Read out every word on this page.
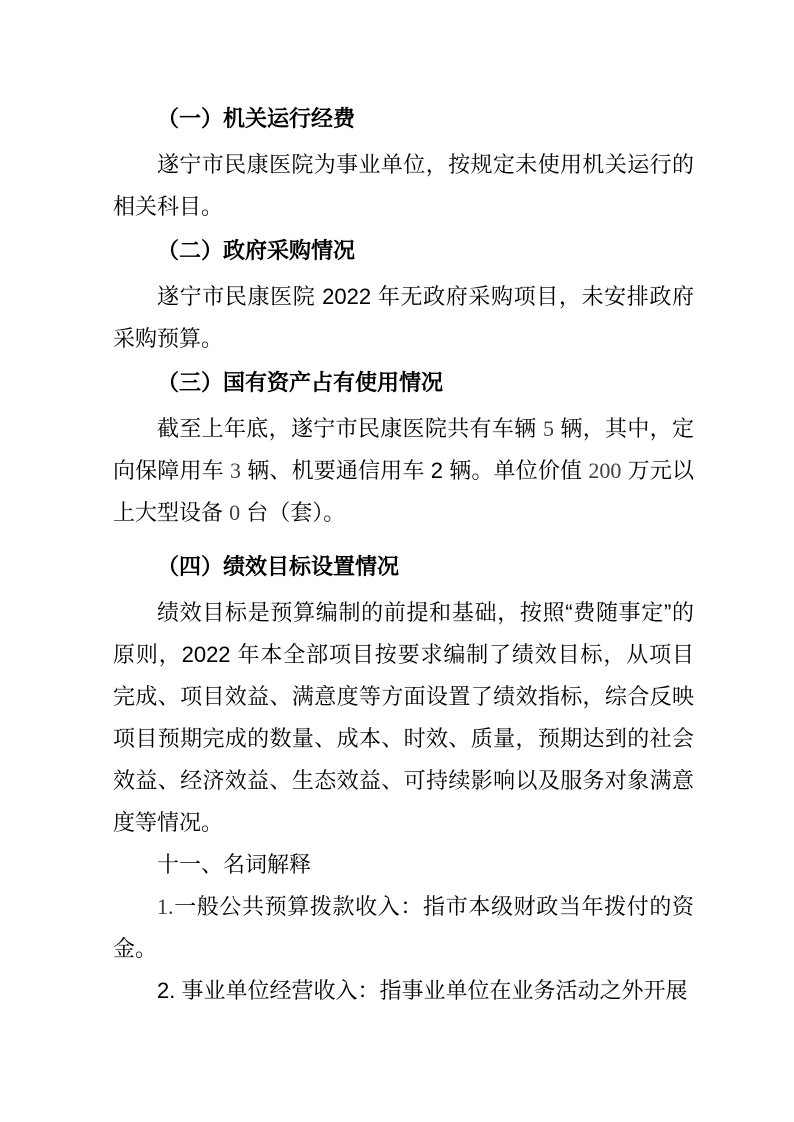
（一）机关运行经费

遂宁市民康医院为事业单位，按规定未使用机关运行的相关科目。

（二）政府采购情况

遂宁市民康医院 2022 年无政府采购项目，未安排政府采购预算。

（三）国有资产占有使用情况

截至上年底，遂宁市民康医院共有车辆 5 辆，其中，定向保障用车 3 辆、机要通信用车 2 辆。单位价值 200 万元以上大型设备 0 台（套）。

（四）绩效目标设置情况

绩效目标是预算编制的前提和基础，按照“费随事定”的原则，2022 年本全部项目按要求编制了绩效目标，从项目完成、项目效益、满意度等方面设置了绩效指标，综合反映项目预期完成的数量、成本、时效、质量，预期达到的社会效益、经济效益、生态效益、可持续影响以及服务对象满意度等情况。

十一、名词解释

1.一般公共预算拨款收入：指市本级财政当年拨付的资金。

2. 事业单位经营收入：指事业单位在业务活动之外开展
